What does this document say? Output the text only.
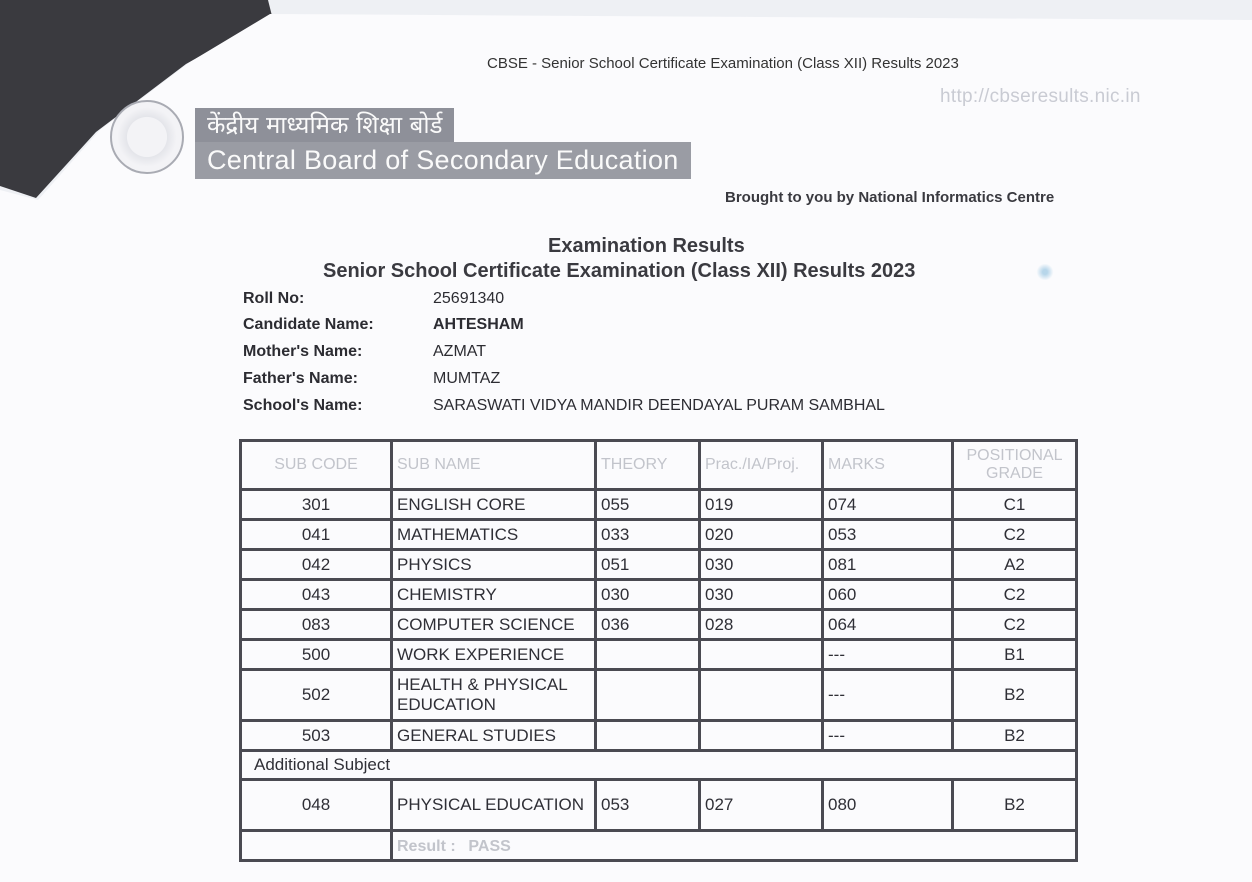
CBSE - Senior School Certificate Examination (Class XII) Results 2023
http://cbseresults.nic.in
केंद्रीय माध्यमिक शिक्षा बोर्ड
Central Board of Secondary Education
Brought to you by National Informatics Centre
Examination Results
Senior School Certificate Examination (Class XII) Results 2023
Roll No:	25691340
Candidate Name:	AHTESHAM
Mother's Name:	AZMAT
Father's Name:	MUMTAZ
School's Name:	SARASWATI VIDYA MANDIR DEENDAYAL PURAM SAMBHAL
SUB CODE	SUB NAME	THEORY	Prac./IA/Proj.	MARKS	POSITIONAL GRADE
301	ENGLISH CORE	055	019	074	C1
041	MATHEMATICS	033	020	053	C2
042	PHYSICS	051	030	081	A2
043	CHEMISTRY	030	030	060	C2
083	COMPUTER SCIENCE	036	028	064	C2
500	WORK EXPERIENCE			---	B1
502	HEALTH & PHYSICAL EDUCATION			---	B2
503	GENERAL STUDIES			---	B2
Additional Subject					
048	PHYSICAL EDUCATION	053	027	080	B2
	Result : PASS				
